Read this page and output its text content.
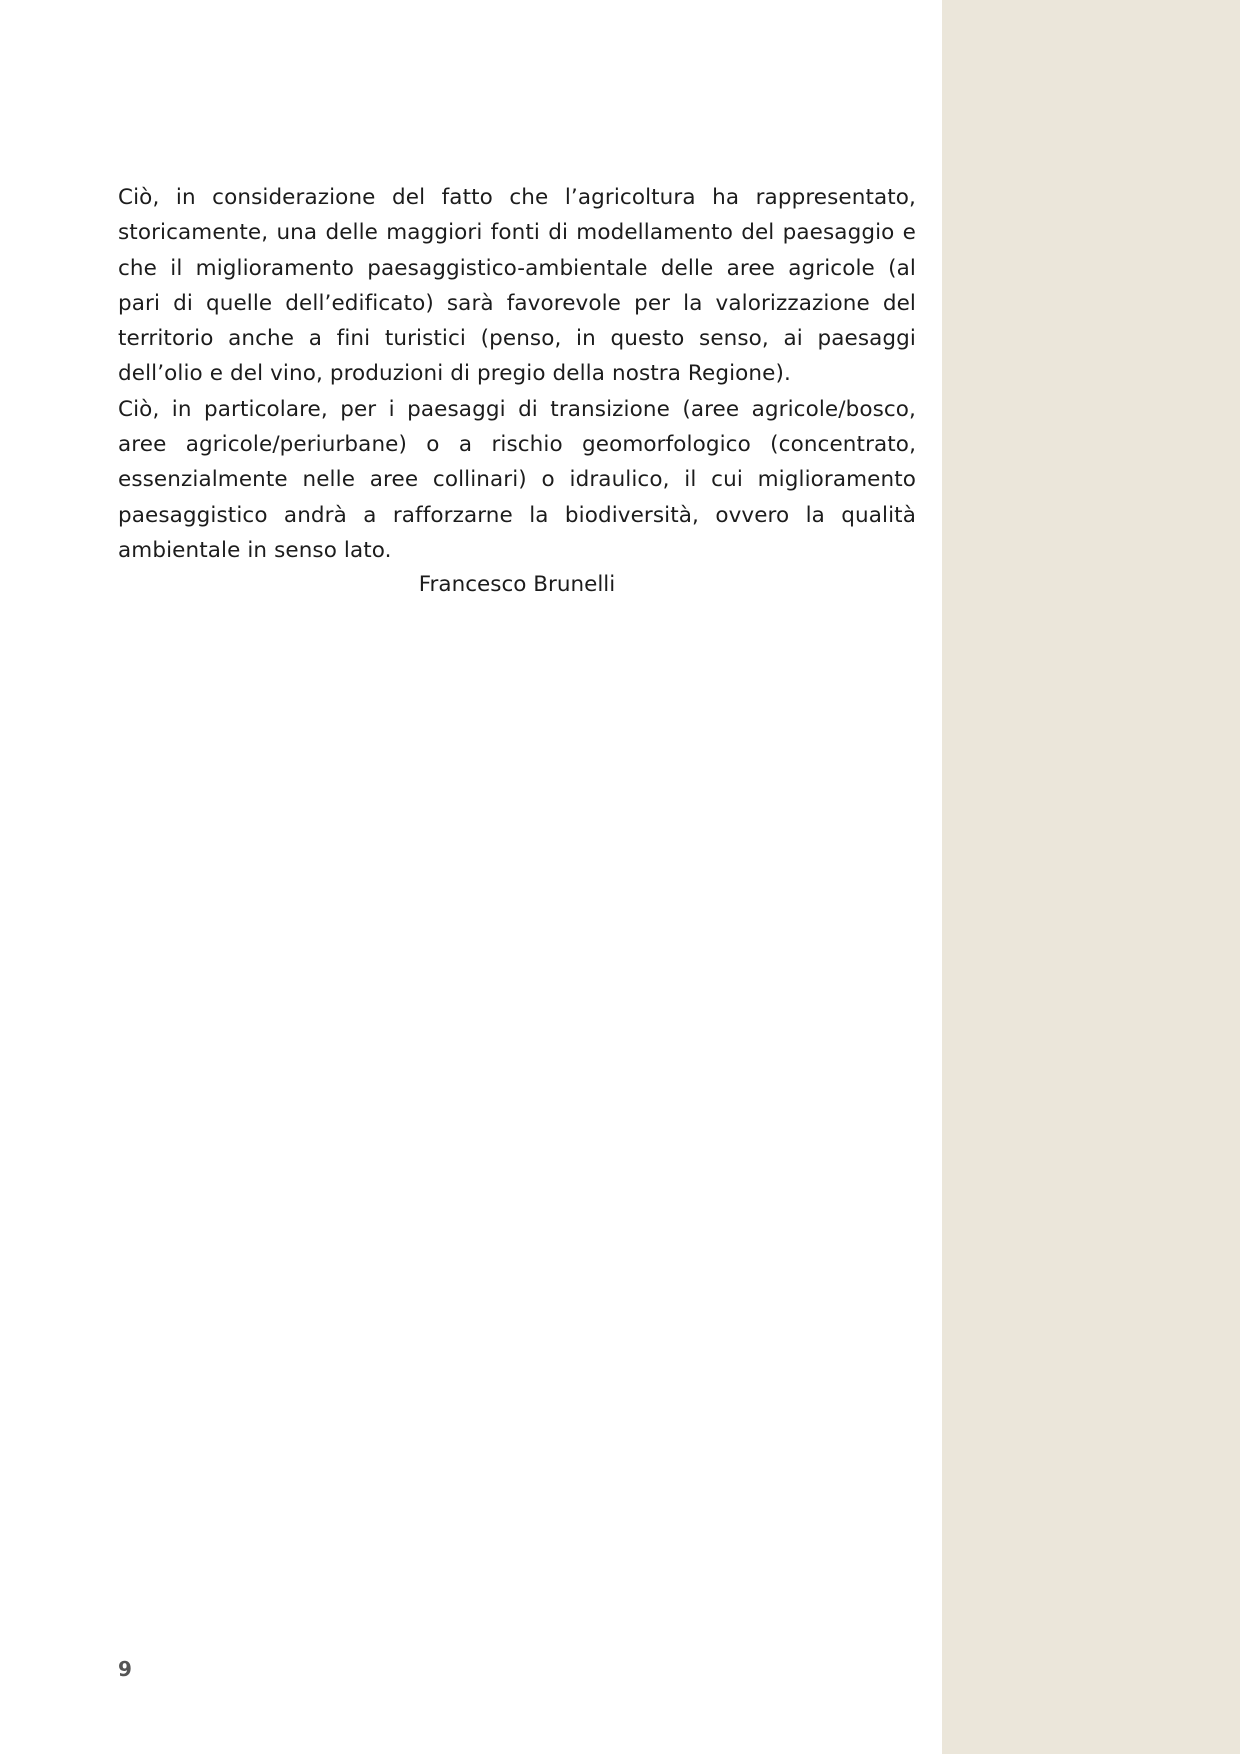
Ciò, in considerazione del fatto che l’agricoltura ha rappresentato, storicamente, una delle maggiori fonti di modellamento del paesaggio e che il miglioramento paesaggistico-ambientale delle aree agricole (al pari di quelle dell’edificato) sarà favorevole per la valorizzazione del territorio anche a fini turistici (penso, in questo senso, ai paesaggi dell’olio e del vino, produzioni di pregio della nostra Regione).

Ciò, in particolare, per i paesaggi di transizione (aree agricole/bosco, aree agricole/periurbane) o a rischio geomorfologico (concentrato, essenzialmente nelle aree collinari) o idraulico, il cui miglioramento paesaggistico andrà a rafforzarne la biodiversità, ovvero la qualità ambientale in senso lato.

Francesco Brunelli
9
